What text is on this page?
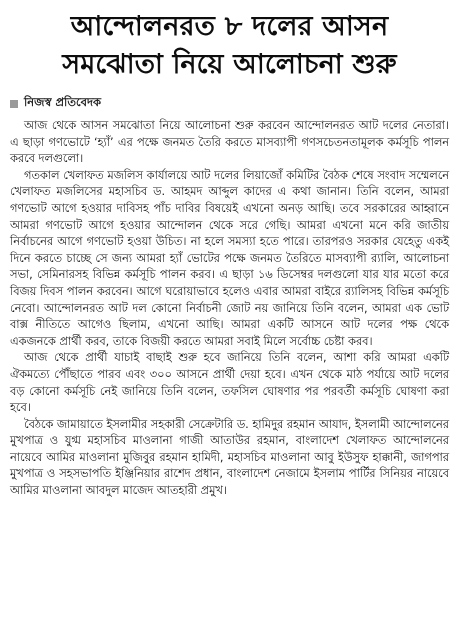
আন্দোলনরত ৮ দলের আসন
সমঝোতা নিয়ে আলোচনা শুরু
নিজস্ব প্রতিবেদক

আজ থেকে আসন সমঝোতা নিয়ে আলোচনা শুরু করবেন আন্দোলনরত আট দলের নেতারা। এ ছাড়া গণভোটে ‘হ্যাঁ’ এর পক্ষে জনমত তৈরি করতে মাসব্যাপী গণসচেতনতামূলক কর্মসূচি পালন করবে দলগুলো।

গতকাল খেলাফত মজলিস কার্যালয়ে আট দলের লিয়াজোঁ কমিটির বৈঠক শেষে সংবাদ সম্মেলনে খেলাফত মজলিসের মহাসচিব ড. আহমদ আব্দুল কাদের এ কথা জানান। তিনি বলেন, আমরা গণভোট আগে হওয়ার দাবিসহ পাঁচ দাবির বিষয়েই এখনো অনড় আছি। তবে সরকারের আহ্বানে আমরা গণভোট আগে হওয়ার আন্দোলন থেকে সরে গেছি। আমরা এখনো মনে করি জাতীয় নির্বাচনের আগে গণভোট হওয়া উচিত। না হলে সমস্যা হতে পারে। তারপরও সরকার যেহেতু একই দিনে করতে চাচ্ছে সে জন্য আমরা হ্যাঁ ভোটের পক্ষে জনমত তৈরিতে মাসব্যাপী র‍্যালি, আলোচনা সভা, সেমিনারসহ বিভিন্ন কর্মসূচি পালন করব। এ ছাড়া ১৬ ডিসেম্বর দলগুলো যার যার মতো করে বিজয় দিবস পালন করবেন। আগে ঘরোয়াভাবে হলেও এবার আমরা বাইরে র‍্যালিসহ বিভিন্ন কর্মসূচি নেবো। আন্দোলনরত আট দল কোনো নির্বাচনী জোট নয় জানিয়ে তিনি বলেন, আমরা এক ভোট বাক্স নীতিতে আগেও ছিলাম, এখনো আছি। আমরা একটি আসনে আট দলের পক্ষ থেকে একজনকে প্রার্থী করব, তাকে বিজয়ী করতে আমরা সবাই মিলে সর্বোচ্চ চেষ্টা করব।

আজ থেকে প্রার্থী যাচাই বাছাই শুরু হবে জানিয়ে তিনি বলেন, আশা করি আমরা একটি ঐকমত্যে পৌঁছাতে পারব এবং ৩০০ আসনে প্রার্থী দেয়া হবে। এখন থেকে মাঠ পর্যায়ে আট দলের বড় কোনো কর্মসূচি নেই জানিয়ে তিনি বলেন, তফসিল ঘোষণার পর পরবর্তী কর্মসূচি ঘোষণা করা হবে।

বৈঠকে জামায়াতে ইসলামীর সহকারী সেক্রেটারি ড. হামিদুর রহমান আযাদ, ইসলামী আন্দোলনের মুখপাত্র ও যুগ্ম মহাসচিব মাওলানা গাজী আতাউর রহমান, বাংলাদেশ খেলাফত আন্দোলনের নায়েবে আমির মাওলানা মুজিবুর রহমান হামিদী, মহাসচিব মাওলানা আবু ইউসুফ হাক্কানী, জাগপার মুখপাত্র ও সহসভাপতি ইঞ্জিনিয়ার রাশেদ প্রধান, বাংলাদেশ নেজামে ইসলাম পার্টির সিনিয়র নায়েবে আমির মাওলানা আবদুল মাজেদ আতহারী প্রমুখ।
